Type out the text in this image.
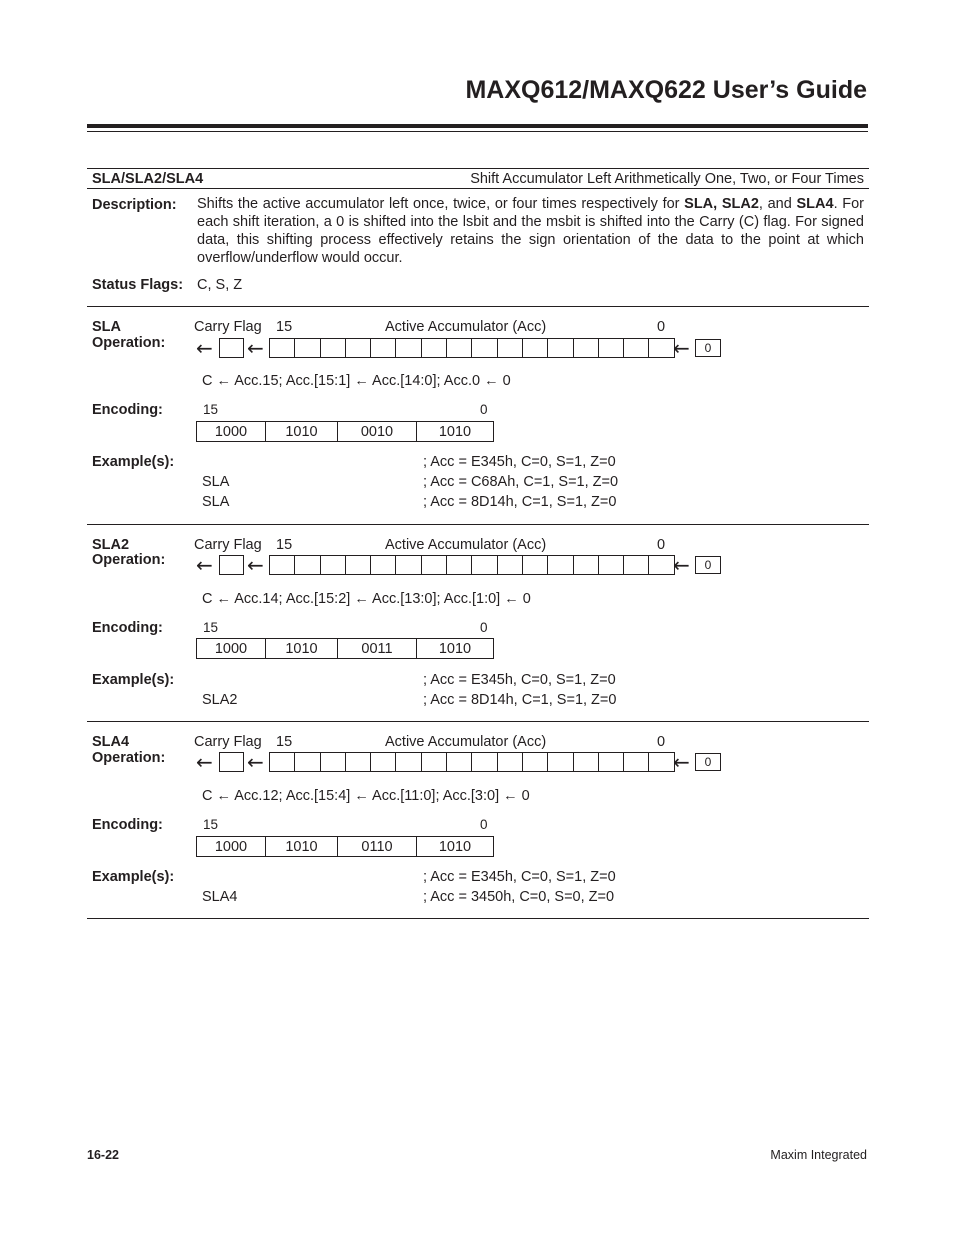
MAXQ612/MAXQ622 User’s Guide
SLA/SLA2/SLA4	Shift Accumulator Left Arithmetically One, Two, or Four Times
Description: Shifts the active accumulator left once, twice, or four times respectively for SLA, SLA2, and SLA4. For each shift iteration, a 0 is shifted into the lsbit and the msbit is shifted into the Carry (C) flag. For signed data, this shifting process effectively retains the sign orientation of the data to the point at which overflow/underflow would occur.
Status Flags: C, S, Z
SLA
Operation:
Carry Flag 15	Active Accumulator (Acc)	0
← ←	←	0
C ← Acc.15; Acc.[15:1] ← Acc.[14:0]; Acc.0 ← 0
Encoding:	15	0
1000	1010	0010	1010
Example(s):	; Acc = E345h, C=0, S=1, Z=0
SLA	; Acc = C68Ah, C=1, S=1, Z=0
SLA	; Acc = 8D14h, C=1, S=1, Z=0
SLA2
Operation:
Carry Flag 15	Active Accumulator (Acc)	0
← ←	←	0
C ← Acc.14; Acc.[15:2] ← Acc.[13:0]; Acc.[1:0] ← 0
Encoding:	15	0
1000	1010	0011	1010
Example(s):	; Acc = E345h, C=0, S=1, Z=0
SLA2	; Acc = 8D14h, C=1, S=1, Z=0
SLA4
Operation:
Carry Flag 15	Active Accumulator (Acc)	0
← ←	←	0
C ← Acc.12; Acc.[15:4] ← Acc.[11:0]; Acc.[3:0] ← 0
Encoding:	15	0
1000	1010	0110	1010
Example(s):	; Acc = E345h, C=0, S=1, Z=0
SLA4	; Acc = 3450h, C=0, S=0, Z=0
16-22	Maxim Integrated
